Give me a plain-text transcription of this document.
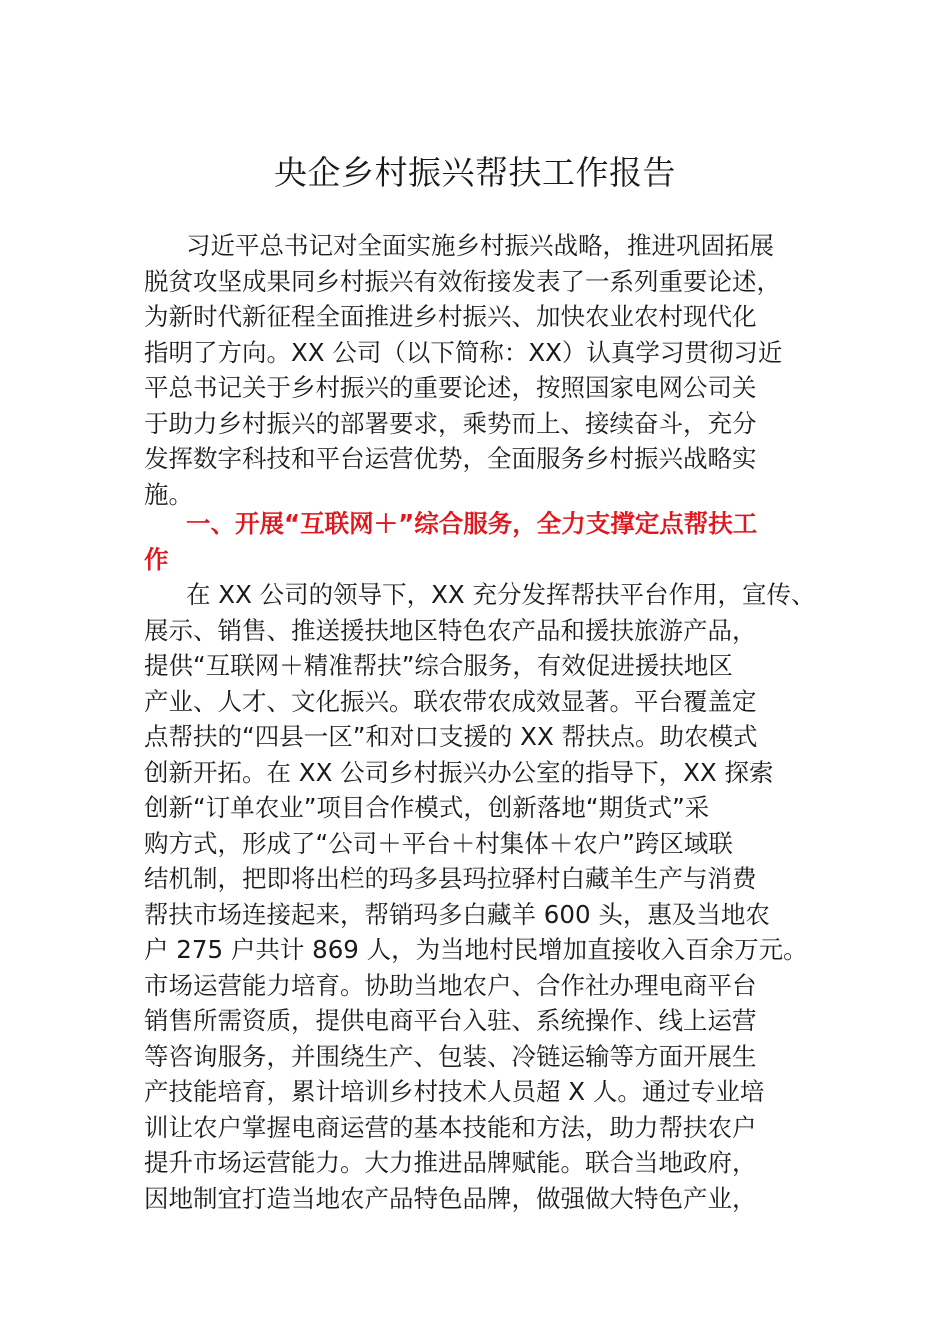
央企乡村振兴帮扶工作报告
习近平总书记对全面实施乡村振兴战略，推进巩固拓展
脱贫攻坚成果同乡村振兴有效衔接发表了一系列重要论述，
为新时代新征程全面推进乡村振兴、加快农业农村现代化
指明了方向。XX 公司（以下简称：XX）认真学习贯彻习近
平总书记关于乡村振兴的重要论述，按照国家电网公司关
于助力乡村振兴的部署要求，乘势而上、接续奋斗，充分
发挥数字科技和平台运营优势，全面服务乡村振兴战略实
施。
一、开展“互联网＋”综合服务，全力支撑定点帮扶工
作
在 XX 公司的领导下，XX 充分发挥帮扶平台作用，宣传、
展示、销售、推送援扶地区特色农产品和援扶旅游产品，
提供“互联网＋精准帮扶”综合服务，有效促进援扶地区
产业、人才、文化振兴。联农带农成效显著。平台覆盖定
点帮扶的“四县一区”和对口支援的 XX 帮扶点。助农模式
创新开拓。在 XX 公司乡村振兴办公室的指导下，XX 探索
创新“订单农业”项目合作模式，创新落地“期货式”采
购方式，形成了“公司＋平台＋村集体＋农户”跨区域联
结机制，把即将出栏的玛多县玛拉驿村白藏羊生产与消费
帮扶市场连接起来，帮销玛多白藏羊 600 头，惠及当地农
户 275 户共计 869 人，为当地村民增加直接收入百余万元。
市场运营能力培育。协助当地农户、合作社办理电商平台
销售所需资质，提供电商平台入驻、系统操作、线上运营
等咨询服务，并围绕生产、包装、冷链运输等方面开展生
产技能培育，累计培训乡村技术人员超 X 人。通过专业培
训让农户掌握电商运营的基本技能和方法，助力帮扶农户
提升市场运营能力。大力推进品牌赋能。联合当地政府，
因地制宜打造当地农产品特色品牌，做强做大特色产业，
